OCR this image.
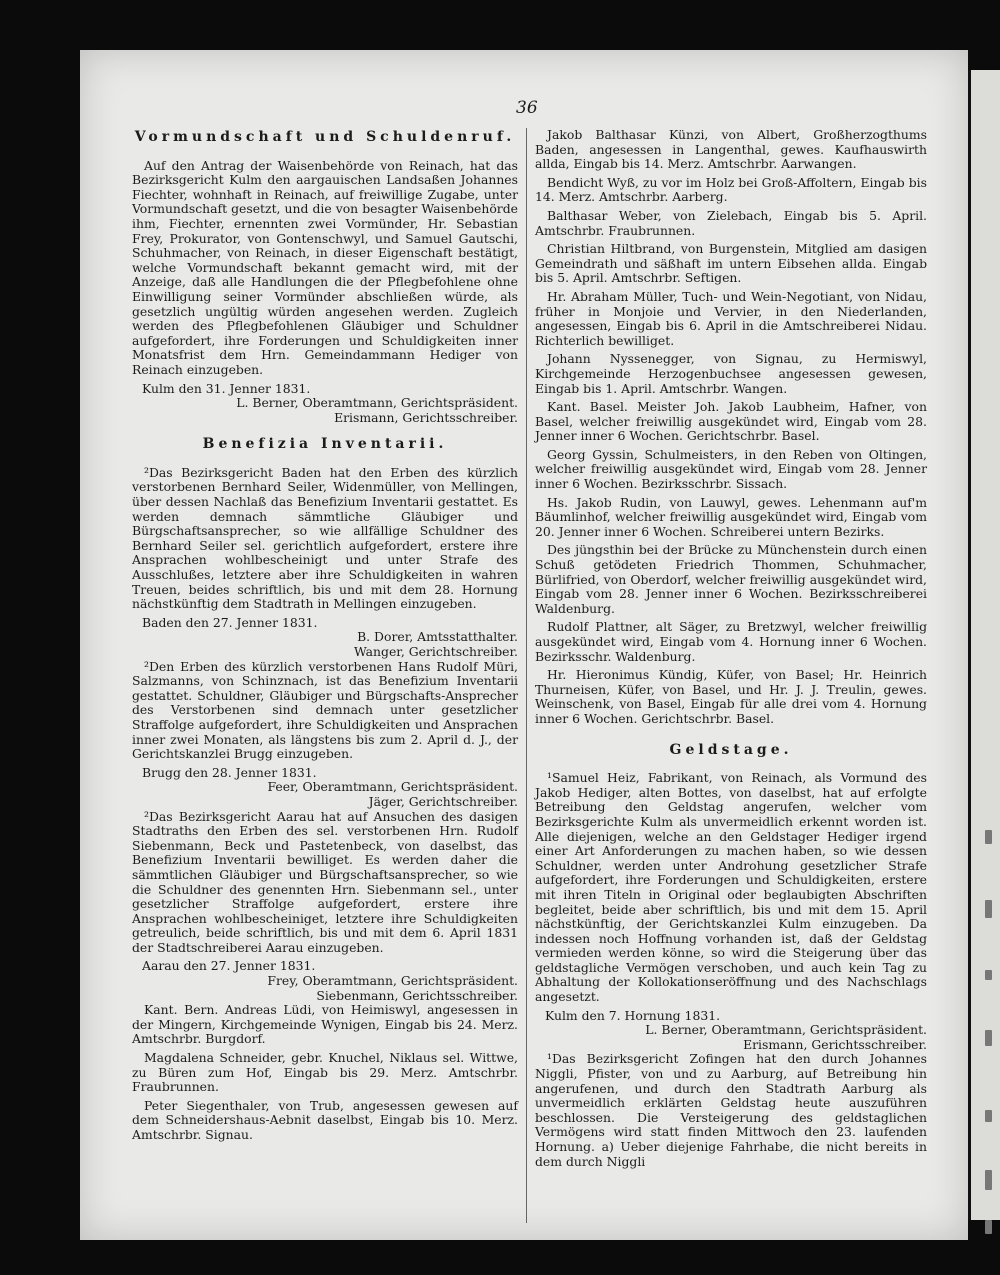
36
Vormundschaft und Schuldenruf.

Auf den Antrag der Waisenbehörde von Reinach, hat das Bezirksgericht Kulm den aargauischen Landsaßen Johannes Fiechter, wohnhaft in Reinach, auf freiwillige Zugabe, unter Vormundschaft gesetzt, und die von besagter Waisenbehörde ihm, Fiechter, ernennten zwei Vormünder, Hr. Sebastian Frey, Prokurator, von Gontenschwyl, und Samuel Gautschi, Schuhmacher, von Reinach, in dieser Eigenschaft bestätigt, welche Vormundschaft bekannt gemacht wird, mit der Anzeige, daß alle Handlungen die der Pflegbefohlene ohne Einwilligung seiner Vormünder abschließen würde, als gesetzlich ungültig würden angesehen werden. Zugleich werden des Pflegbefohlenen Gläubiger und Schuldner aufgefordert, ihre Forderungen und Schuldigkeiten inner Monatsfrist dem Hrn. Gemeindammann Hediger von Reinach einzugeben.

Kulm den 31. Jenner 1831.

L. Berner, Oberamtmann, Gerichtspräsident.

Erismann, Gerichtsschreiber.

Benefizia Inventarii.

²Das Bezirksgericht Baden hat den Erben des kürzlich verstorbenen Bernhard Seiler, Widenmüller, von Mellingen, über dessen Nachlaß das Benefizium Inventarii gestattet. Es werden demnach sämmtliche Gläubiger und Bürgschaftsansprecher, so wie allfällige Schuldner des Bernhard Seiler sel. gerichtlich aufgefordert, erstere ihre Ansprachen wohlbescheinigt und unter Strafe des Ausschlußes, letztere aber ihre Schuldigkeiten in wahren Treuen, beides schriftlich, bis und mit dem 28. Hornung nächstkünftig dem Stadtrath in Mellingen einzugeben.

Baden den 27. Jenner 1831.

B. Dorer, Amtsstatthalter.

Wanger, Gerichtschreiber.

²Den Erben des kürzlich verstorbenen Hans Rudolf Müri, Salzmanns, von Schinznach, ist das Benefizium Inventarii gestattet. Schuldner, Gläubiger und Bürgschafts-Ansprecher des Verstorbenen sind demnach unter gesetzlicher Straffolge aufgefordert, ihre Schuldigkeiten und Ansprachen inner zwei Monaten, als längstens bis zum 2. April d. J., der Gerichtskanzlei Brugg einzugeben.

Brugg den 28. Jenner 1831.

Feer, Oberamtmann, Gerichtspräsident.

Jäger, Gerichtschreiber.

²Das Bezirksgericht Aarau hat auf Ansuchen des dasigen Stadtraths den Erben des sel. verstorbenen Hrn. Rudolf Siebenmann, Beck und Pastetenbeck, von daselbst, das Benefizium Inventarii bewilliget. Es werden daher die sämmtlichen Gläubiger und Bürgschaftsansprecher, so wie die Schuldner des genennten Hrn. Siebenmann sel., unter gesetzlicher Straffolge aufgefordert, erstere ihre Ansprachen wohlbescheiniget, letztere ihre Schuldigkeiten getreulich, beide schriftlich, bis und mit dem 6. April 1831 der Stadtschreiberei Aarau einzugeben.

Aarau den 27. Jenner 1831.

Frey, Oberamtmann, Gerichtspräsident.

Siebenmann, Gerichtsschreiber.

Kant. Bern. Andreas Lüdi, von Heimiswyl, angesessen in der Mingern, Kirchgemeinde Wynigen, Eingab bis 24. Merz. Amtschrbr. Burgdorf.

Magdalena Schneider, gebr. Knuchel, Niklaus sel. Wittwe, zu Büren zum Hof, Eingab bis 29. Merz. Amtschrbr. Fraubrunnen.

Peter Siegenthaler, von Trub, angesessen gewesen auf dem Schneidershaus-Aebnit daselbst, Eingab bis 10. Merz. Amtschrbr. Signau.

Jakob Balthasar Künzi, von Albert, Großherzogthums Baden, angesessen in Langenthal, gewes. Kaufhauswirth allda, Eingab bis 14. Merz. Amtschrbr. Aarwangen.

Bendicht Wyß, zu vor im Holz bei Groß-Affoltern, Eingab bis 14. Merz. Amtschrbr. Aarberg.

Balthasar Weber, von Zielebach, Eingab bis 5. April. Amtschrbr. Fraubrunnen.

Christian Hiltbrand, von Burgenstein, Mitglied am dasigen Gemeindrath und säßhaft im untern Eibsehen allda. Eingab bis 5. April. Amtschrbr. Seftigen.

Hr. Abraham Müller, Tuch- und Wein-Negotiant, von Nidau, früher in Monjoie und Vervier, in den Niederlanden, angesessen, Eingab bis 6. April in die Amtschreiberei Nidau. Richterlich bewilliget.

Johann Nyssenegger, von Signau, zu Hermiswyl, Kirchgemeinde Herzogenbuchsee angesessen gewesen, Eingab bis 1. April. Amtschrbr. Wangen.

Kant. Basel. Meister Joh. Jakob Laubheim, Hafner, von Basel, welcher freiwillig ausgekündet wird, Eingab vom 28. Jenner inner 6 Wochen. Gerichtschrbr. Basel.

Georg Gyssin, Schulmeisters, in den Reben von Oltingen, welcher freiwillig ausgekündet wird, Eingab vom 28. Jenner inner 6 Wochen. Bezirksschrbr. Sissach.

Hs. Jakob Rudin, von Lauwyl, gewes. Lehenmann auf'm Bäumlinhof, welcher freiwillig ausgekündet wird, Eingab vom 20. Jenner inner 6 Wochen. Schreiberei untern Bezirks.

Des jüngsthin bei der Brücke zu Münchenstein durch einen Schuß getödeten Friedrich Thommen, Schuhmacher, Bürlifried, von Oberdorf, welcher freiwillig ausgekündet wird, Eingab vom 28. Jenner inner 6 Wochen. Bezirksschreiberei Waldenburg.

Rudolf Plattner, alt Säger, zu Bretzwyl, welcher freiwillig ausgekündet wird, Eingab vom 4. Hornung inner 6 Wochen. Bezirksschr. Waldenburg.

Hr. Hieronimus Kündig, Küfer, von Basel; Hr. Heinrich Thurneisen, Küfer, von Basel, und Hr. J. J. Treulin, gewes. Weinschenk, von Basel, Eingab für alle drei vom 4. Hornung inner 6 Wochen. Gerichtschrbr. Basel.

Geldstage.

¹Samuel Heiz, Fabrikant, von Reinach, als Vormund des Jakob Hediger, alten Bottes, von daselbst, hat auf erfolgte Betreibung den Geldstag angerufen, welcher vom Bezirksgerichte Kulm als unvermeidlich erkennt worden ist. Alle diejenigen, welche an den Geldstager Hediger irgend einer Art Anforderungen zu machen haben, so wie dessen Schuldner, werden unter Androhung gesetzlicher Strafe aufgefordert, ihre Forderungen und Schuldigkeiten, erstere mit ihren Titeln in Original oder beglaubigten Abschriften begleitet, beide aber schriftlich, bis und mit dem 15. April nächstkünftig, der Gerichtskanzlei Kulm einzugeben. Da indessen noch Hoffnung vorhanden ist, daß der Geldstag vermieden werden könne, so wird die Steigerung über das geldstagliche Vermögen verschoben, und auch kein Tag zu Abhaltung der Kollokationseröffnung und des Nachschlags angesetzt.

Kulm den 7. Hornung 1831.

L. Berner, Oberamtmann, Gerichtspräsident.

Erismann, Gerichtsschreiber.

¹Das Bezirksgericht Zofingen hat den durch Johannes Niggli, Pfister, von und zu Aarburg, auf Betreibung hin angerufenen, und durch den Stadtrath Aarburg als unvermeidlich erklärten Geldstag heute auszuführen beschlossen. Die Versteigerung des geldstaglichen Vermögens wird statt finden Mittwoch den 23. laufenden Hornung. a) Ueber diejenige Fahrhabe, die nicht bereits in dem durch Niggli
